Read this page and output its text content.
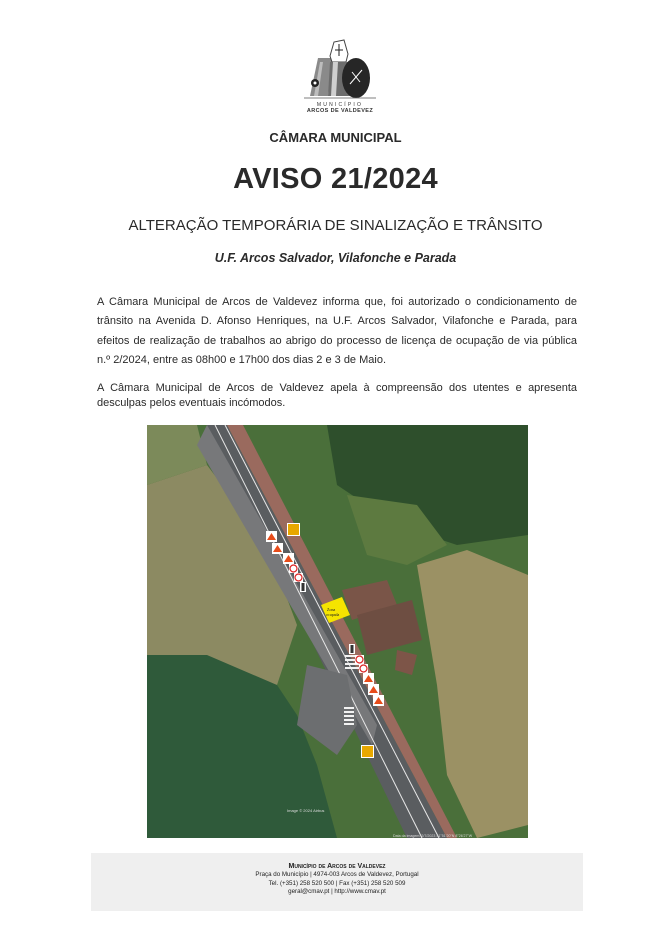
MUNICÍPIO
ARCOS DE VALDEVEZ
CÂMARA MUNICIPAL
AVISO 21/2024
ALTERAÇÃO TEMPORÁRIA DE SINALIZAÇÃO E TRÂNSITO
U.F. Arcos Salvador, Vilafonche e Parada
A Câmara Municipal de Arcos de Valdevez informa que, foi autorizado o condicionamento de trânsito na Avenida D. Afonso Henriques, na U.F. Arcos Salvador, Vilafonche e Parada, para efeitos de realização de trabalhos ao abrigo do processo de licença de ocupação de via pública n.º 2/2024, entre as 08h00 e 17h00 dos dias 2 e 3 de Maio.
A Câmara Municipal de Arcos de Valdevez apela à compreensão dos utentes e apresenta desculpas pelos eventuais incómodos.
Zona
ocupada
Image © 2024 Airbus
Data da imagem: 2/7/2023 41°51'20"N 8°26'27"W
Município de Arcos de Valdevez
Praça do Município | 4974-003 Arcos de Valdevez, Portugal
Tel. (+351) 258 520 500 | Fax (+351) 258 520 509
geral@cmav.pt | http://www.cmav.pt
